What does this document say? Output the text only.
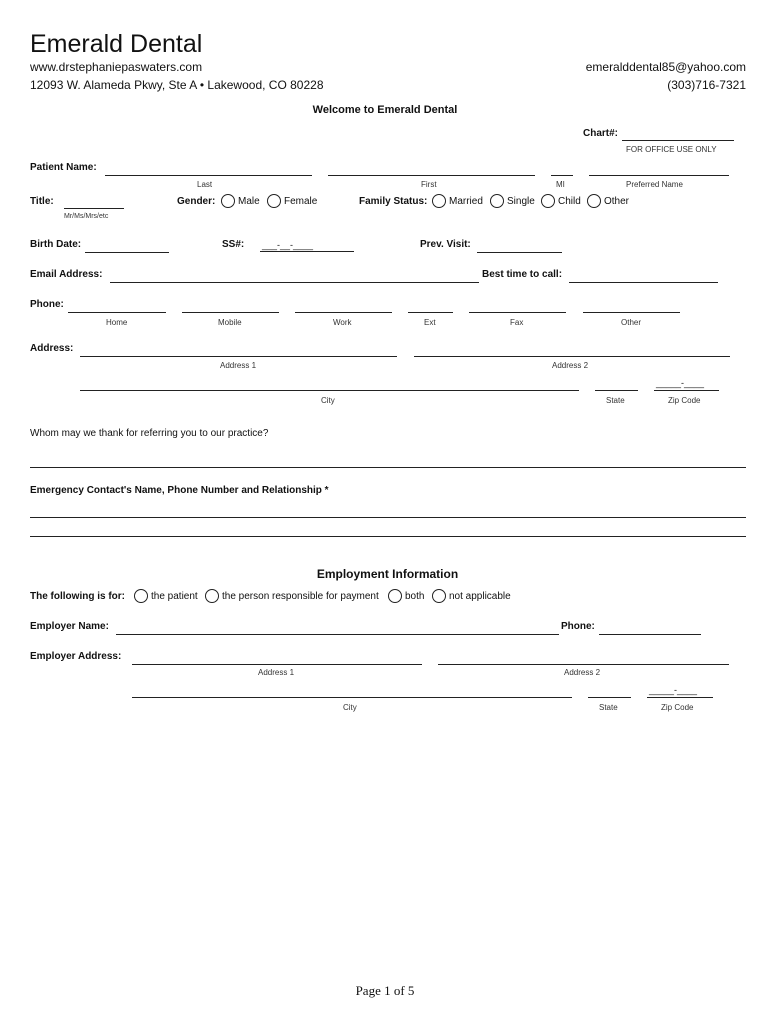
Emerald Dental
www.drstephaniepaswaters.com
12093 W. Alameda Pkwy, Ste A • Lakewood, CO 80228
emeralddental85@yahoo.com
(303)716-7321
Welcome to Emerald Dental
Chart#:
FOR OFFICE USE ONLY
Patient Name:
Last	First	MI	Preferred Name
Title:
Mr/Ms/Mrs/etc
Gender: Male Female	Family Status: Married Single Child Other
Birth Date:	SS#: ___-__-____	Prev. Visit:
Email Address:	Best time to call:
Phone:
Home	Mobile	Work	Ext	Fax	Other
Address:
Address 1	Address 2
_____-____
City	State	Zip Code
Whom may we thank for referring you to our practice?
Emergency Contact's Name, Phone Number and Relationship *
Employment Information
The following is for:	the patient the person responsible for payment	both not applicable
Employer Name:	Phone:
Employer Address:
Address 1	Address 2
_____-____
City	State	Zip Code
Page 1 of 5
